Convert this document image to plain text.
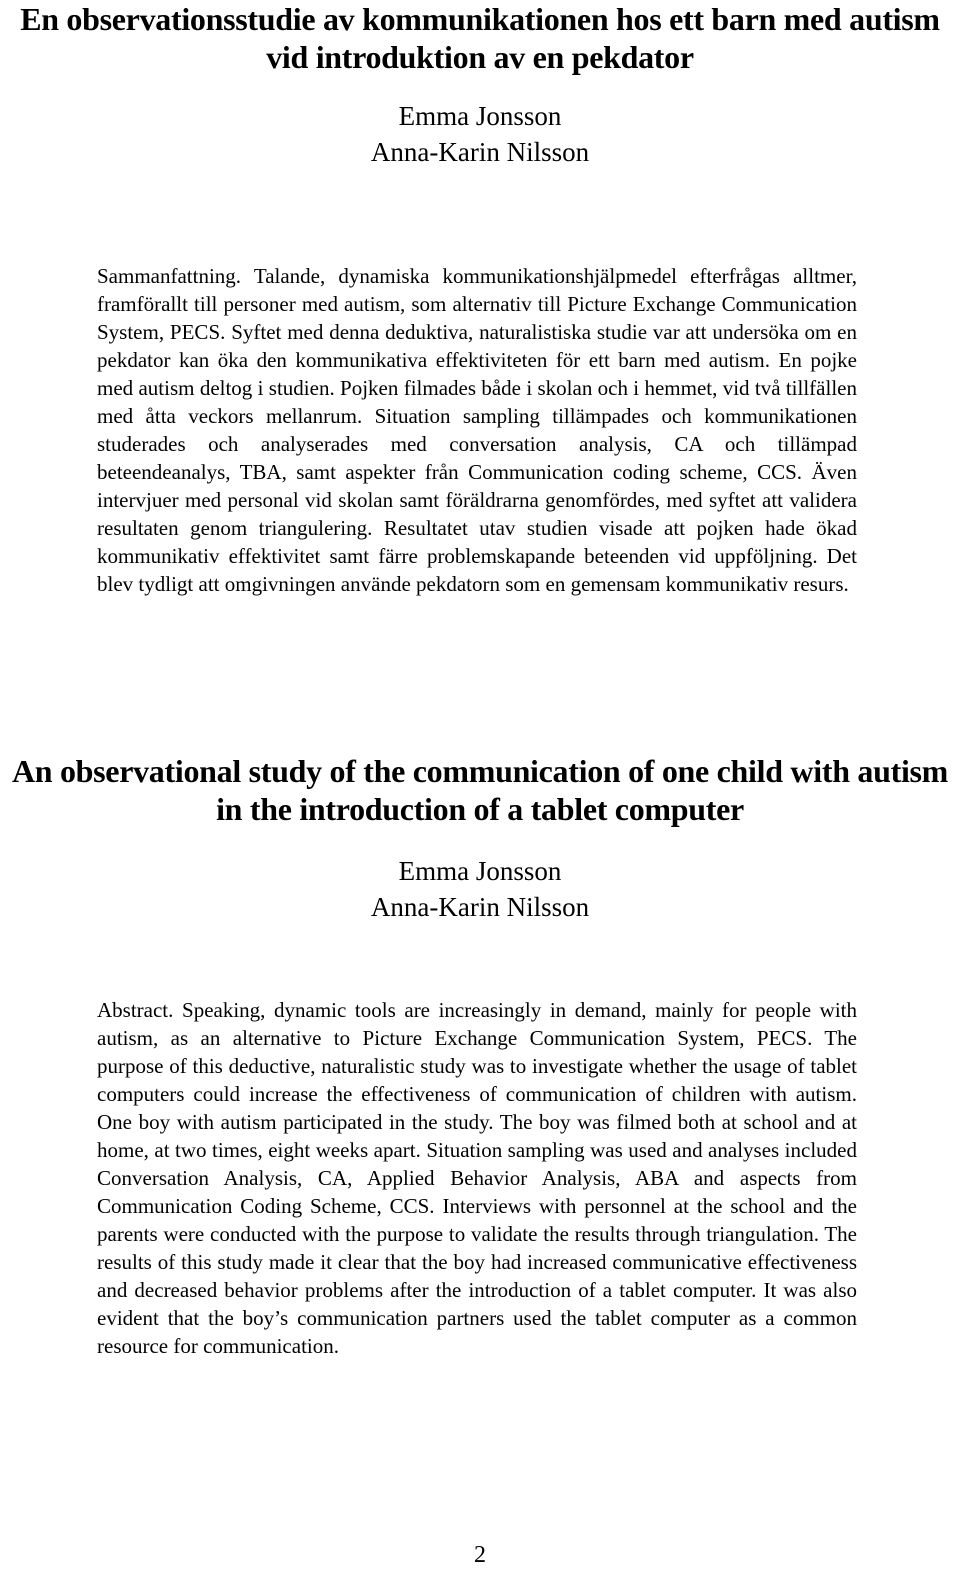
En observationsstudie av kommunikationen hos ett barn med autism vid introduktion av en pekdator
Emma Jonsson
Anna-Karin Nilsson

Sammanfattning. Talande, dynamiska kommunikationshjälpmedel efterfrågas alltmer, framförallt till personer med autism, som alternativ till Picture Exchange Communication System, PECS. Syftet med denna deduktiva, naturalistiska studie var att undersöka om en pekdator kan öka den kommunikativa effektiviteten för ett barn med autism. En pojke med autism deltog i studien. Pojken filmades både i skolan och i hemmet, vid två tillfällen med åtta veckors mellanrum. Situation sampling tillämpades och kommunikationen studerades och analyserades med conversation analysis, CA och tillämpad beteendeanalys, TBA, samt aspekter från Communication coding scheme, CCS. Även intervjuer med personal vid skolan samt föräldrarna genomfördes, med syftet att validera resultaten genom triangulering. Resultatet utav studien visade att pojken hade ökad kommunikativ effektivitet samt färre problemskapande beteenden vid uppföljning. Det blev tydligt att omgivningen använde pekdatorn som en gemensam kommunikativ resurs.

An observational study of the communication of one child with autism in the introduction of a tablet computer
Emma Jonsson
Anna-Karin Nilsson

Abstract. Speaking, dynamic tools are increasingly in demand, mainly for people with autism, as an alternative to Picture Exchange Communication System, PECS. The purpose of this deductive, naturalistic study was to investigate whether the usage of tablet computers could increase the effectiveness of communication of children with autism. One boy with autism participated in the study. The boy was filmed both at school and at home, at two times, eight weeks apart. Situation sampling was used and analyses included Conversation Analysis, CA, Applied Behavior Analysis, ABA and aspects from Communication Coding Scheme, CCS. Interviews with personnel at the school and the parents were conducted with the purpose to validate the results through triangulation. The results of this study made it clear that the boy had increased communicative effectiveness and decreased behavior problems after the introduction of a tablet computer. It was also evident that the boy’s communication partners used the tablet computer as a common resource for communication.

2
